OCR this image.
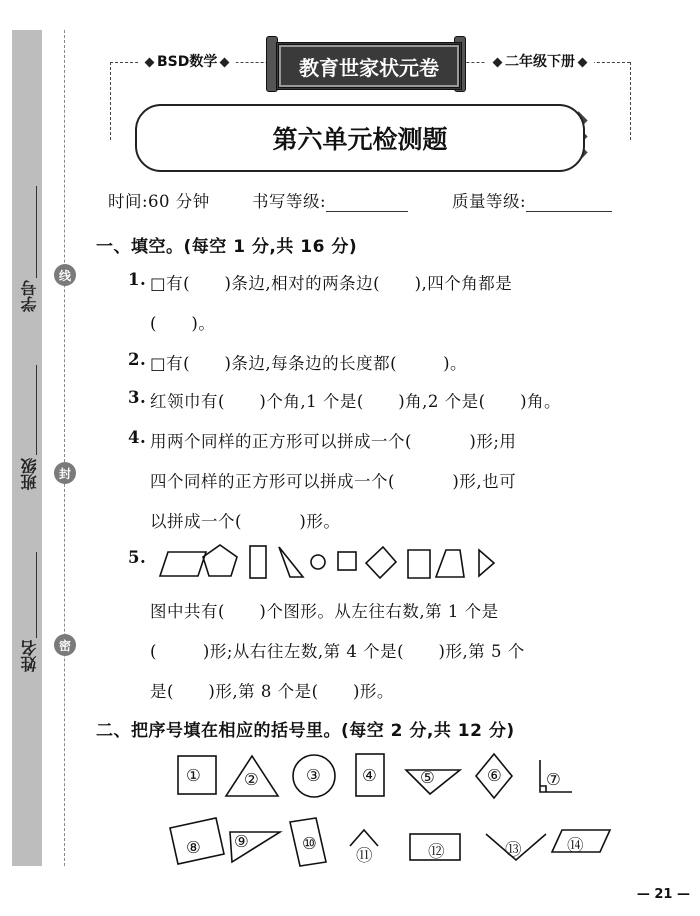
学号
班级
姓名
线
封
密
BSD数学	二年级下册
教育世家状元卷
第六单元检测题
时间:60 分钟	书写等级:	质量等级:
一、填空。(每空 1 分,共 16 分)
1. □有(      )条边,相对的两条边(      ),四个角都是
(      )。
2. □有(      )条边,每条边的长度都(        )。
3. 红领巾有(      )个角,1 个是(      )角,2 个是(      )角。
4. 用两个同样的正方形可以拼成一个(          )形;用
四个同样的正方形可以拼成一个(          )形,也可
以拼成一个(          )形。
5.
图中共有(      )个图形。从左往右数,第 1 个是
(        )形;从右往左数,第 4 个是(      )形,第 5 个
是(      )形,第 8 个是(      )形。
二、把序号填在相应的括号里。(每空 2 分,共 12 分)
①	②	③ ④	⑤	⑥	⑦
⑧ ⑨	⑩
⑪	⑫	⑬	⑭
— 21 —
